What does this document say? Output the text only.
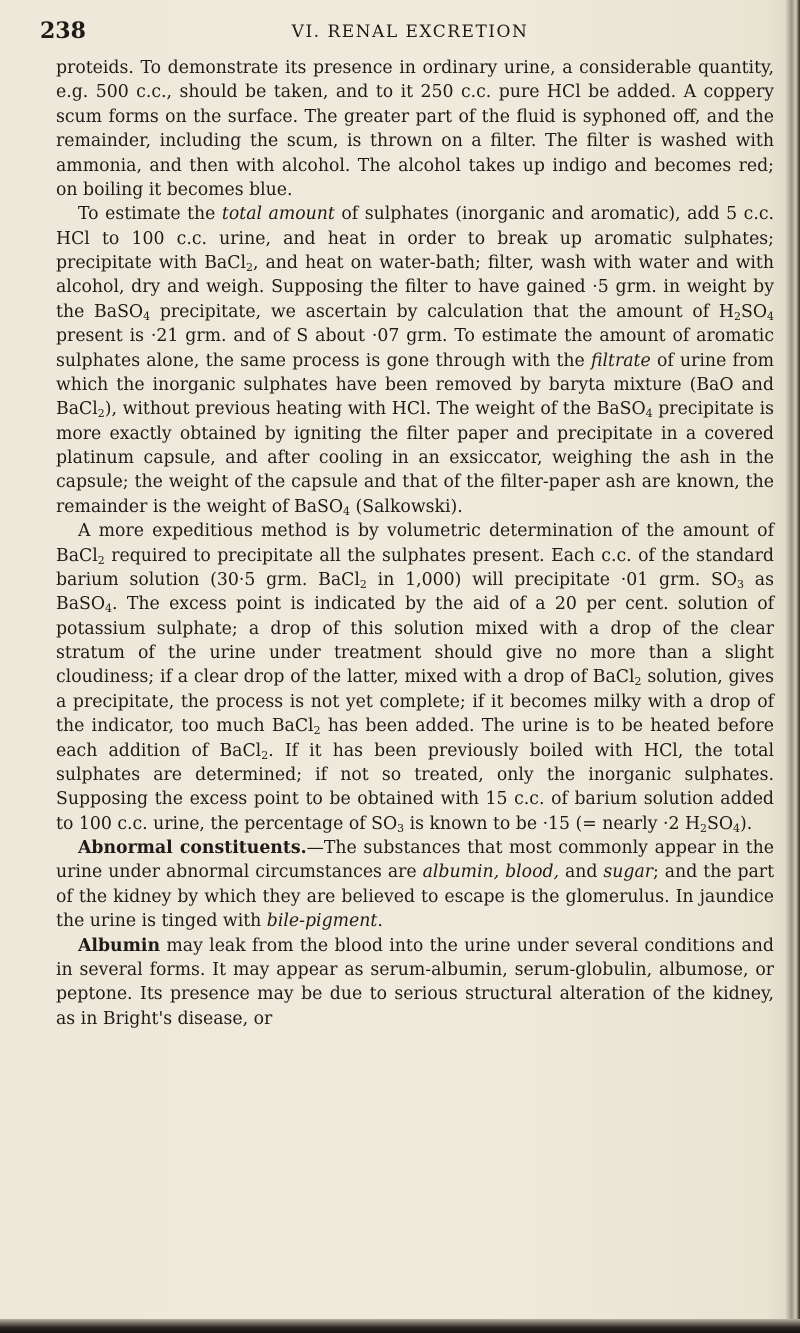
238	VI. RENAL EXCRETION

proteids. To demonstrate its presence in ordinary urine, a considerable quantity, e.g. 500 c.c., should be taken, and to it 250 c.c. pure HCl be added. A coppery scum forms on the surface. The greater part of the fluid is syphoned off, and the remainder, including the scum, is thrown on a filter. The filter is washed with ammonia, and then with alcohol. The alcohol takes up indigo and becomes red; on boiling it becomes blue.

To estimate the total amount of sulphates (inorganic and aromatic), add 5 c.c. HCl to 100 c.c. urine, and heat in order to break up aromatic sulphates; precipitate with BaCl$_2$, and heat on water-bath; filter, wash with water and with alcohol, dry and weigh. Supposing the filter to have gained ·5 grm. in weight by the BaSO$_4$ precipitate, we ascertain by calculation that the amount of $H_2SO_4$ present is ·21 grm. and of S about ·07 grm. To estimate the amount of aromatic sulphates alone, the same process is gone through with the filtrate of urine from which the inorganic sulphates have been removed by baryta mixture (BaO and BaCl$_2$), without previous heating with HCl. The weight of the BaSO$_4$ precipitate is more exactly obtained by igniting the filter paper and precipitate in a covered platinum capsule, and after cooling in an exsiccator, weighing the ash in the capsule; the weight of the capsule and that of the filter-paper ash are known, the remainder is the weight of BaSO$_4$ (Salkowski).

A more expeditious method is by volumetric determination of the amount of BaCl$_2$ required to precipitate all the sulphates present. Each c.c. of the standard barium solution (30·5 grm. BaCl$_2$ in 1,000) will precipitate ·01 grm. $SO_3$ as BaSO$_4$. The excess point is indicated by the aid of a 20 per cent. solution of potassium sulphate; a drop of this solution mixed with a drop of the clear stratum of the urine under treatment should give no more than a slight cloudiness; if a clear drop of the latter, mixed with a drop of BaCl$_2$ solution, gives a precipitate, the process is not yet complete; if it becomes milky with a drop of the indicator, too much BaCl$_2$ has been added. The urine is to be heated before each addition of BaCl$_2$. If it has been previously boiled with HCl, the total sulphates are determined; if not so treated, only the inorganic sulphates. Supposing the excess point to be obtained with 15 c.c. of barium solution added to 100 c.c. urine, the percentage of $SO_3$ is known to be ·15 (= nearly ·2 $H_2SO_4$).

Abnormal constituents.—The substances that most commonly appear in the urine under abnormal circumstances are albumin, blood, and sugar; and the part of the kidney by which they are believed to escape is the glomerulus. In jaundice the urine is tinged with bile-pigment.

Albumin may leak from the blood into the urine under several conditions and in several forms. It may appear as serum-albumin, serum-globulin, albumose, or peptone. Its presence may be due to serious structural alteration of the kidney, as in Bright's disease, or
